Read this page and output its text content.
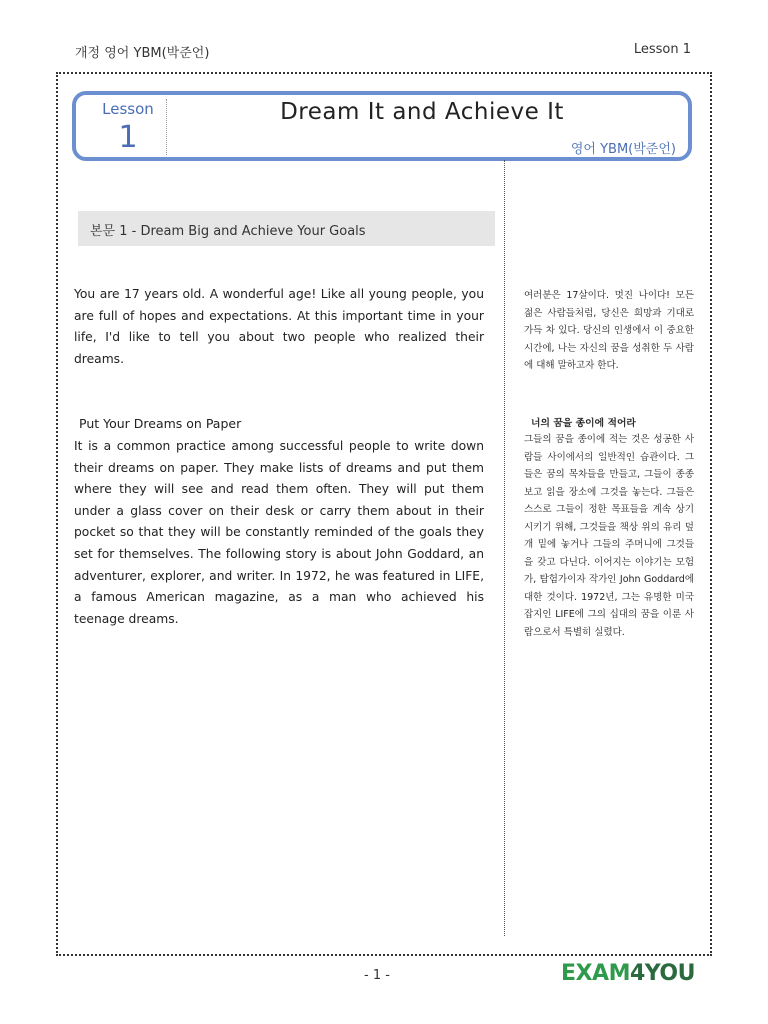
개정 영어 YBM(박준언)	Lesson 1
Lesson
1
Dream It and Achieve It
영어 YBM(박준언)
본문 1 - Dream Big and Achieve Your Goals

You are 17 years old. A wonderful age! Like all young people, you are full of hopes and expectations. At this important time in your life, I'd like to tell you about two people who realized their dreams.

Put Your Dreams on Paper

It is a common practice among successful people to write down their dreams on paper. They make lists of dreams and put them where they will see and read them often. They will put them under a glass cover on their desk or carry them about in their pocket so that they will be constantly reminded of the goals they set for themselves. The following story is about John Goddard, an adventurer, explorer, and writer. In 1972, he was featured in LIFE, a famous American magazine, as a man who achieved his teenage dreams.

여러분은 17살이다. 멋진 나이다! 모든 젊은 사람들처럼, 당신은 희망과 기대로 가득 차 있다. 당신의 인생에서 이 중요한 시간에, 나는 자신의 꿈을 성취한 두 사람에 대해 말하고자 한다.

너의 꿈을 종이에 적어라

그들의 꿈을 종이에 적는 것은 성공한 사람들 사이에서의 일반적인 습관이다. 그들은 꿈의 목차들을 만들고, 그들이 종종 보고 읽을 장소에 그것을 놓는다. 그들은 스스로 그들이 정한 목표들을 계속 상기시키기 위해, 그것들을 책상 위의 유리 덮개 밑에 놓거나 그들의 주머니에 그것들을 갖고 다닌다. 이어지는 이야기는 모험가, 탐험가이자 작가인 John Goddard에 대한 것이다. 1972년, 그는 유명한 미국 잡지인 LIFE에 그의 십대의 꿈을 이룬 사람으로서 특별히 실렸다.

- 1 -	EXAM4YOU
